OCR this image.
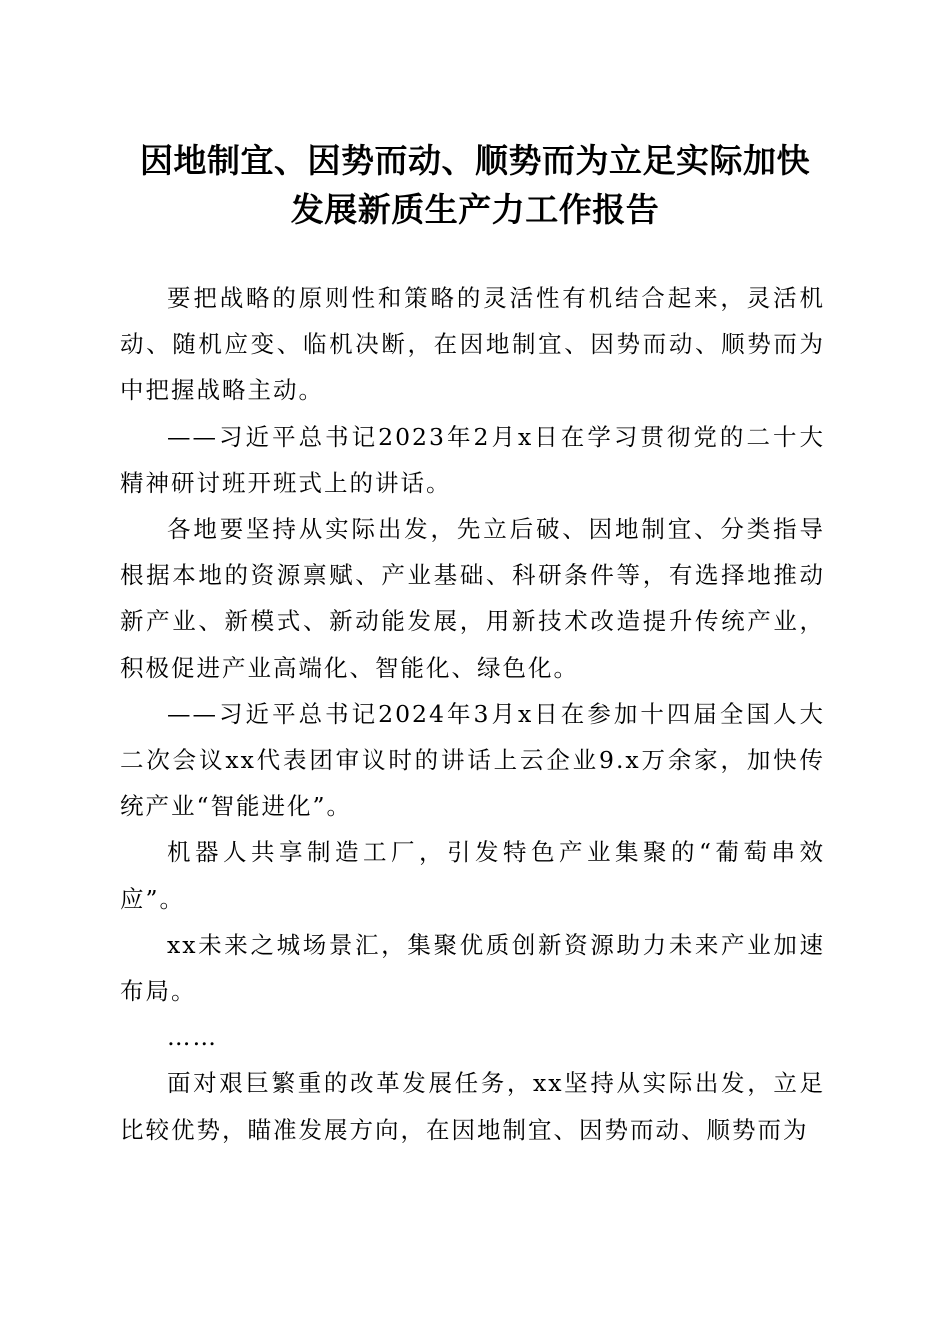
因地制宜、因势而动、顺势而为立足实际加快
发展新质生产力工作报告

要把战略的原则性和策略的灵活性有机结合起来，灵活机动、随机应变、临机决断，在因地制宜、因势而动、顺势而为中把握战略主动。

——习近平总书记2023年2月x日在学习贯彻党的二十大精神研讨班开班式上的讲话。

各地要坚持从实际出发，先立后破、因地制宜、分类指导根据本地的资源禀赋、产业基础、科研条件等，有选择地推动新产业、新模式、新动能发展，用新技术改造提升传统产业，积极促进产业高端化、智能化、绿色化。

——习近平总书记2024年3月x日在参加十四届全国人大二次会议xx代表团审议时的讲话上云企业9.x万余家，加快传统产业“智能进化”。

机器人共享制造工厂，引发特色产业集聚的“葡萄串效应”。

xx未来之城场景汇，集聚优质创新资源助力未来产业加速布局。

……

面对艰巨繁重的改革发展任务，xx坚持从实际出发，立足比较优势，瞄准发展方向，在因地制宜、因势而动、顺势而为
